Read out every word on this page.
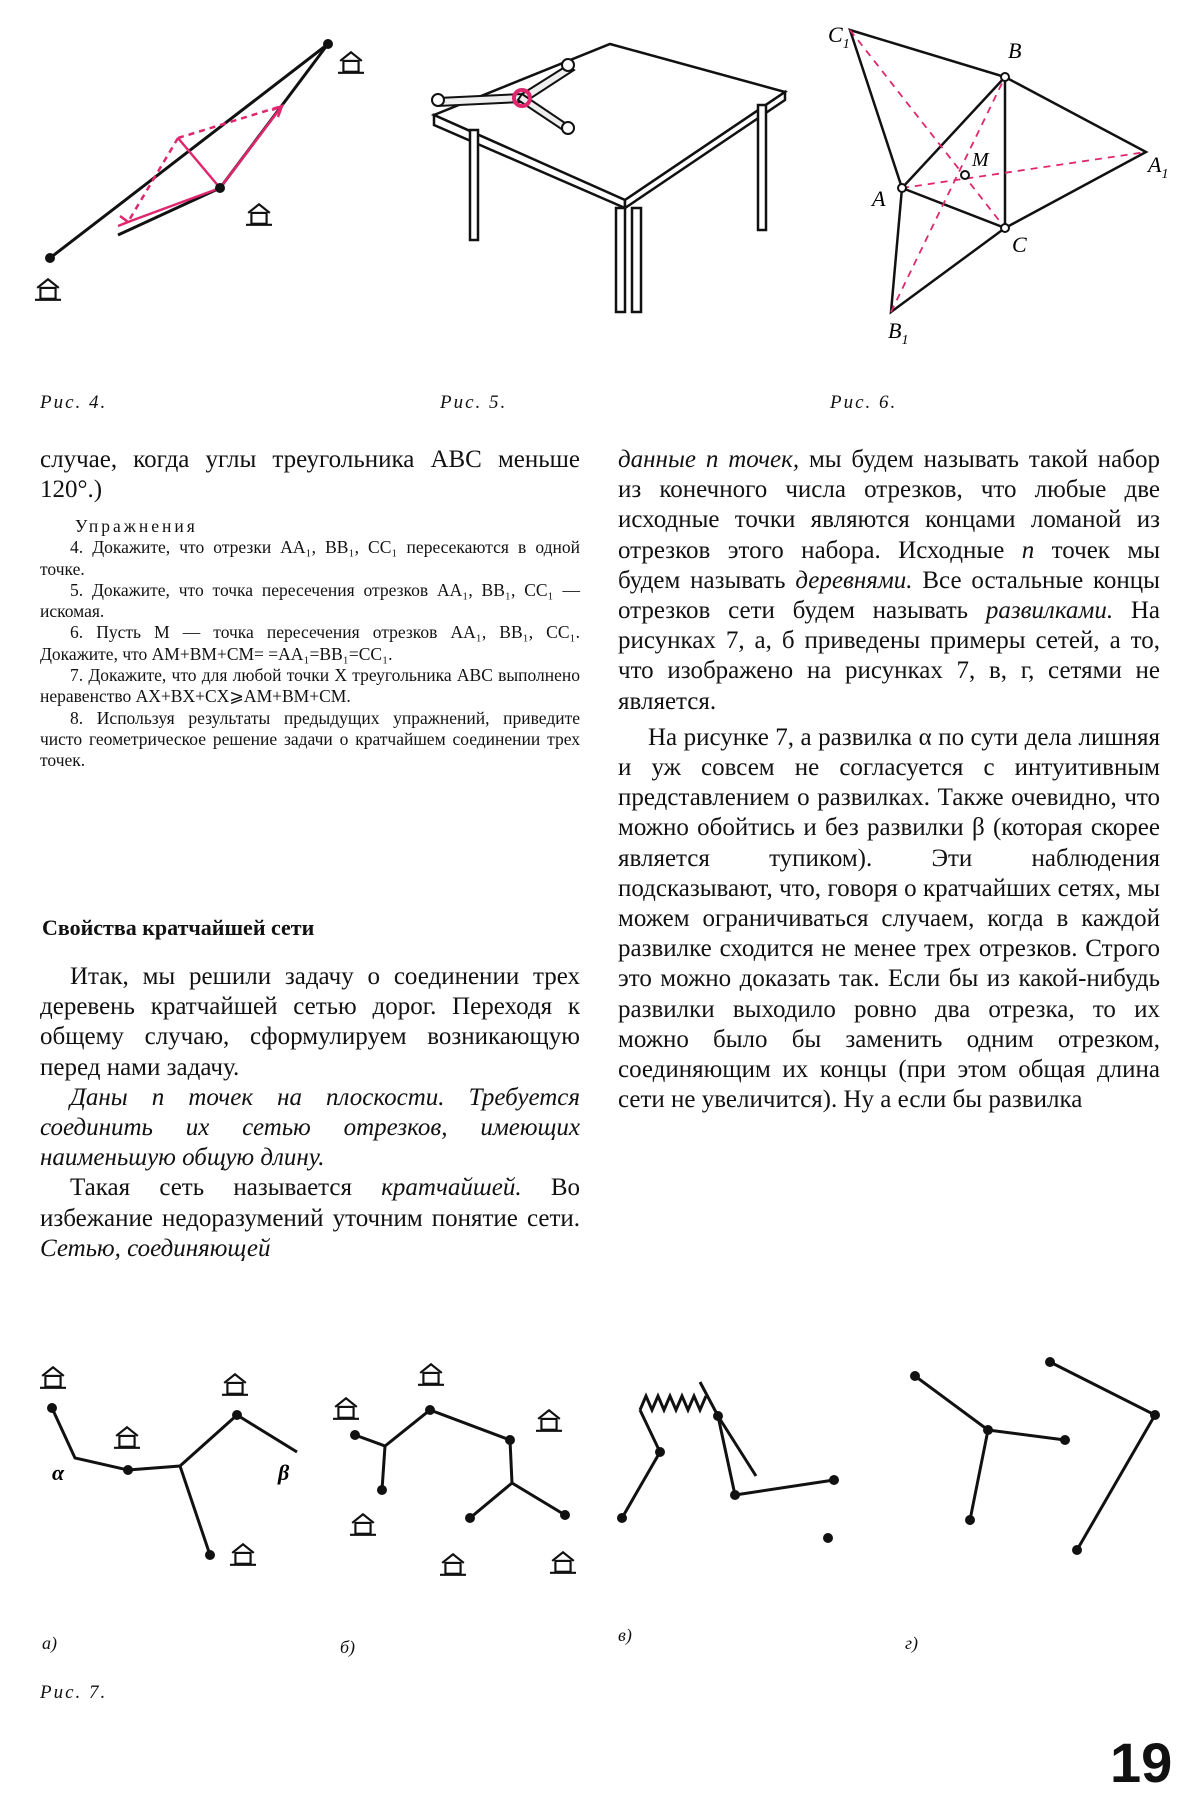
$C_1$	B
M	$A_1$
A
C
$B_1$
Рис. 4.	Рис. 5.	Рис. 6.

случае, когда углы треугольника ABC меньше 120°.)

Упражнения

4. Докажите, что отрезки AA₁, BB₁, CC₁ пересекаются в одной точке.

5. Докажите, что точка пересечения отрезков AA₁, BB₁, CC₁ — искомая.

6. Пусть M — точка пересечения отрезков AA₁, BB₁, CC₁. Докажите, что AM+BM+CM= =AA₁=BB₁=CC₁.

7. Докажите, что для любой точки X треугольника ABC выполнено неравенство AX+BX+CX⩾AM+BM+CM.

8. Используя результаты предыдущих упражнений, приведите чисто геометрическое решение задачи о кратчайшем соединении трех точек.

Свойства кратчайшей сети

Итак, мы решили задачу о соединении трех деревень кратчайшей сетью дорог. Переходя к общему случаю, сформулируем возникающую перед нами задачу.

Даны n точек на плоскости. Требуется соединить их сетью отрезков, имеющих наименьшую общую длину.

Такая сеть называется кратчайшей. Во избежание недоразумений уточним понятие сети. Сетью, соединяющей

данные n точек, мы будем называть такой набор из конечного числа отрезков, что любые две исходные точки являются концами ломаной из отрезков этого набора. Исходные n точек мы будем называть деревнями. Все остальные концы отрезков сети будем называть развилками. На рисунках 7, а, б приведены примеры сетей, а то, что изображено на рисунках 7, в, г, сетями не является.

На рисунке 7, а развилка α по сути дела лишняя и уж совсем не согласуется с интуитивным представлением о развилках. Также очевидно, что можно обойтись и без развилки β (которая скорее является тупиком). Эти наблюдения подсказывают, что, говоря о кратчайших сетях, мы можем ограничиваться случаем, когда в каждой развилке сходится не менее трех отрезков. Строго это можно доказать так. Если бы из какой-нибудь развилки выходило ровно два отрезка, то их можно было бы заменить одним отрезком, соединяющим их концы (при этом общая длина сети не увеличится). Ну а если бы развилка

α	β
а)	б)
в)	г)
Рис. 7.
19
